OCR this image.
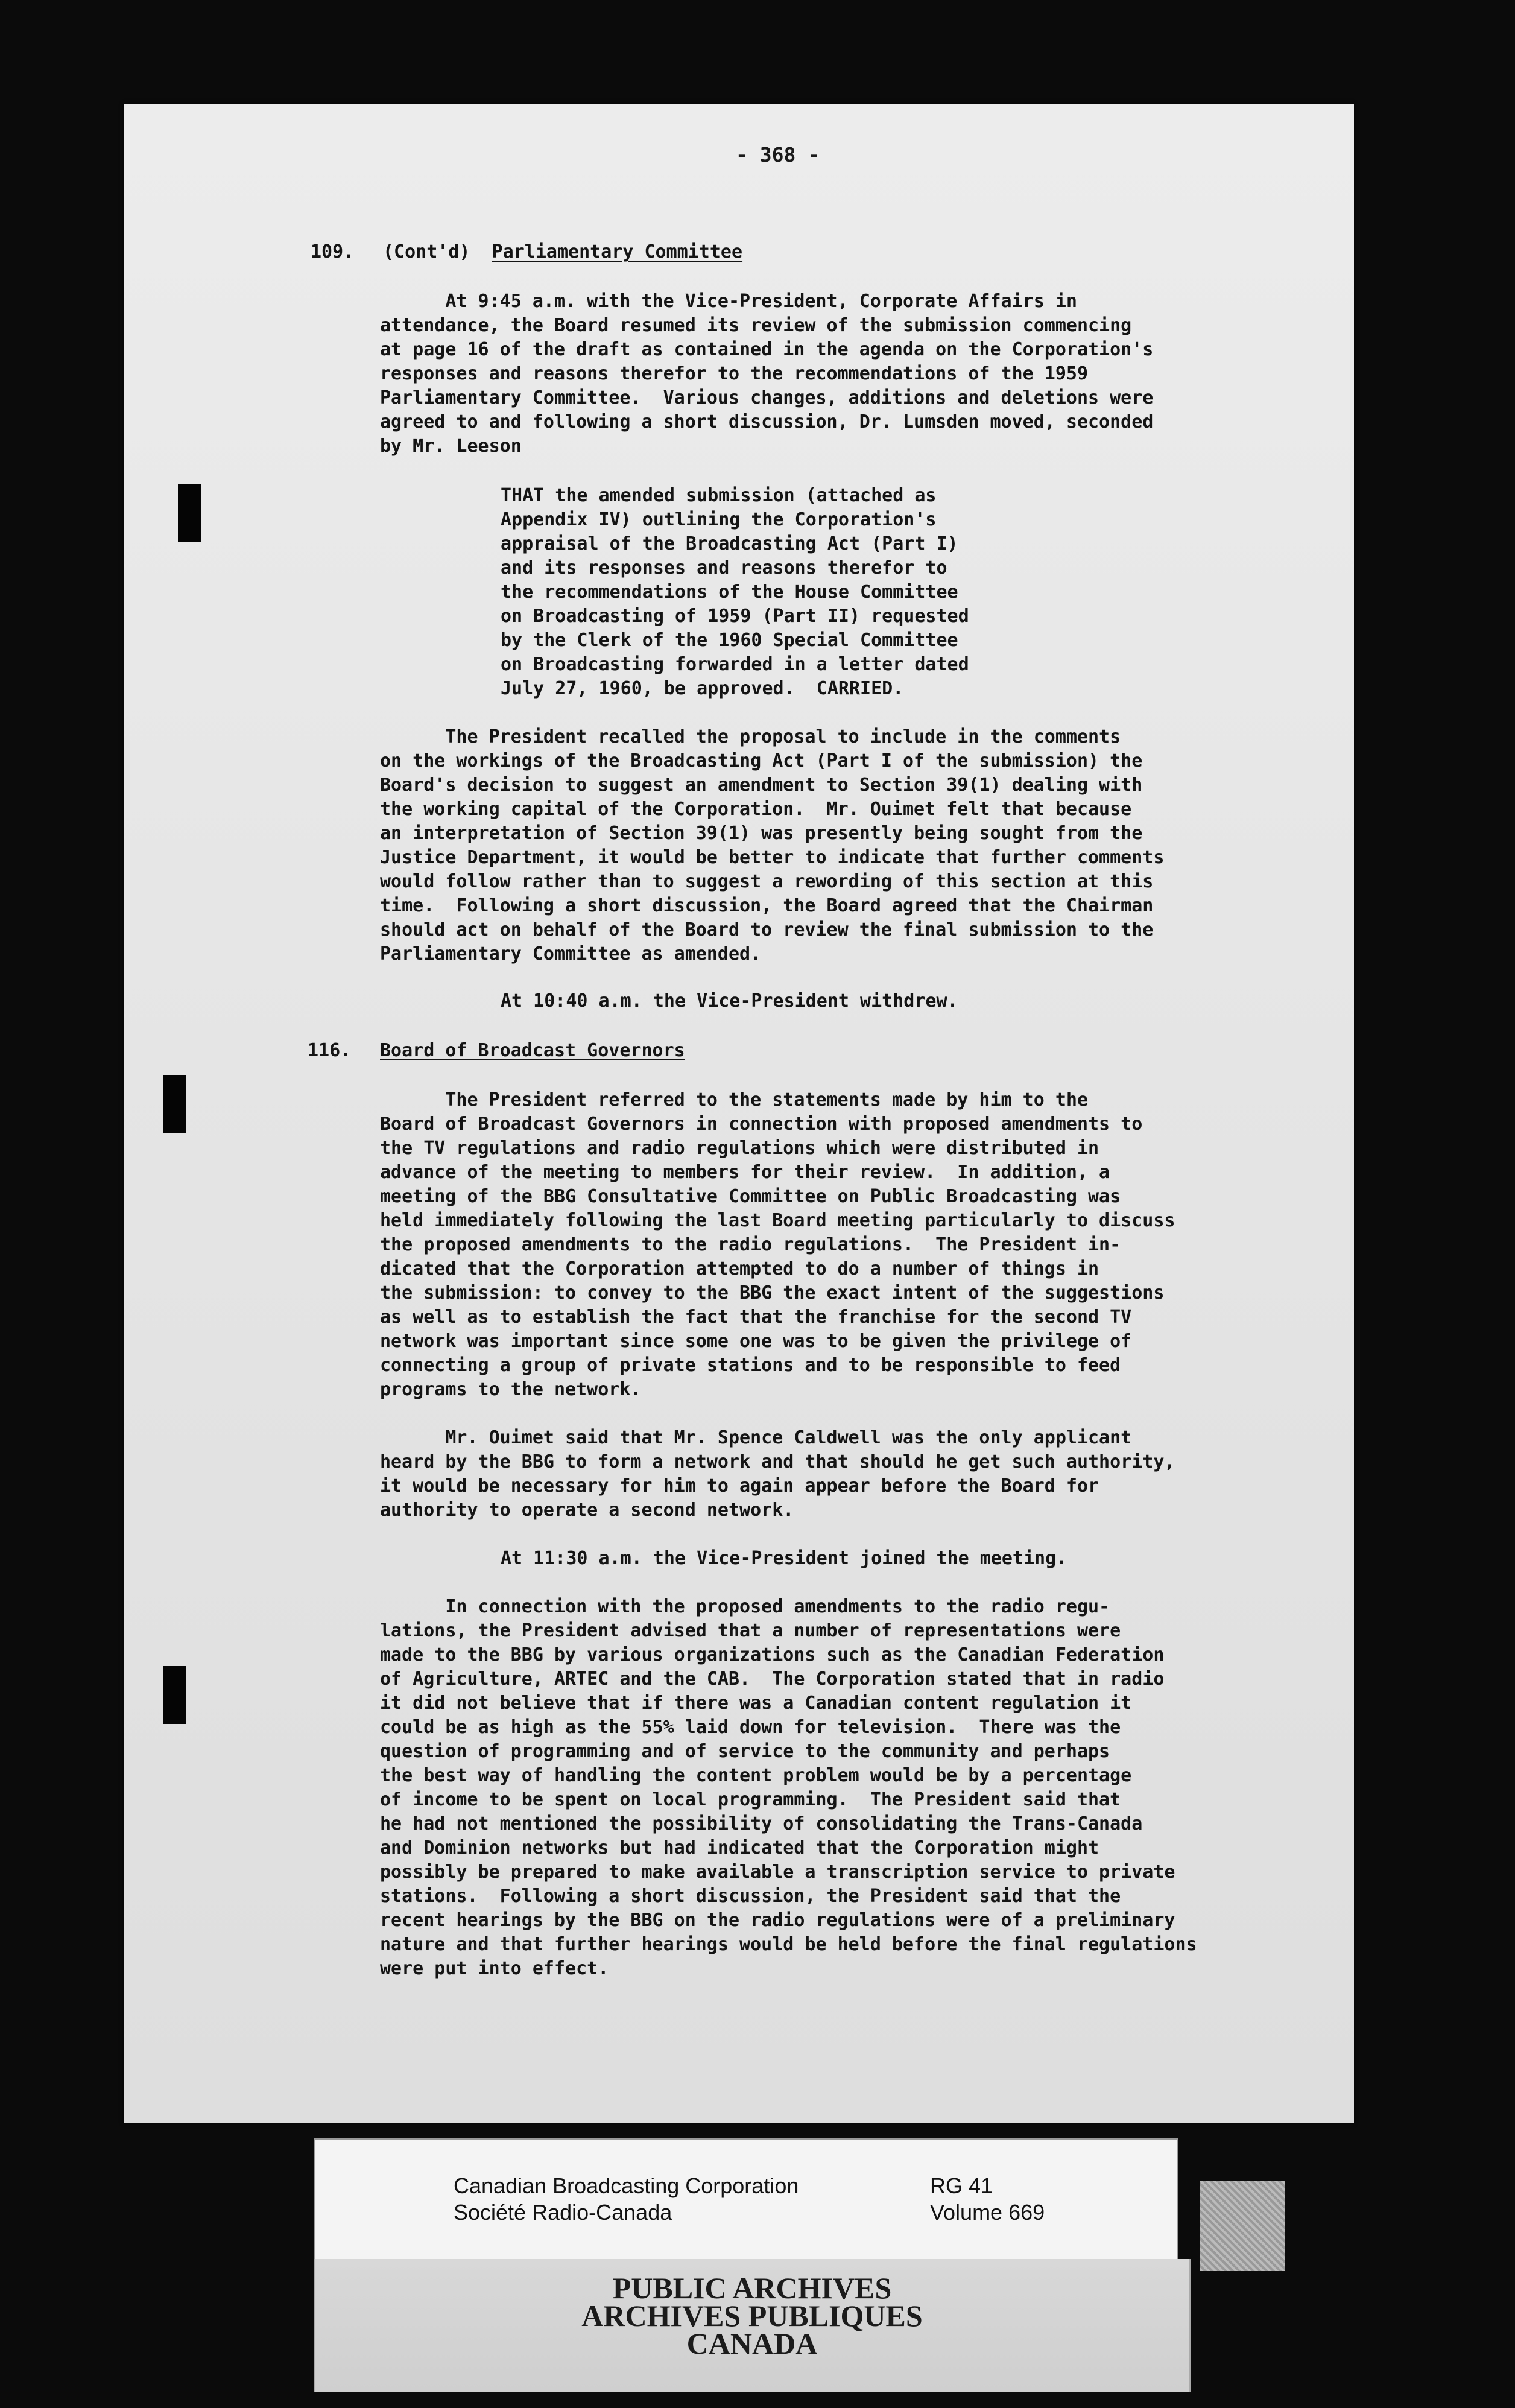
- 368 -
109. (Cont'd) Parliamentary Committee
At 9:45 a.m. with the Vice-President, Corporate Affairs in
attendance, the Board resumed its review of the submission commencing
at page 16 of the draft as contained in the agenda on the Corporation's
responses and reasons therefor to the recommendations of the 1959
Parliamentary Committee.  Various changes, additions and deletions were
agreed to and following a short discussion, Dr. Lumsden moved, seconded
by Mr. Leeson
THAT the amended submission (attached as
Appendix IV) outlining the Corporation's
appraisal of the Broadcasting Act (Part I)
and its responses and reasons therefor to
the recommendations of the House Committee
on Broadcasting of 1959 (Part II) requested
by the Clerk of the 1960 Special Committee
on Broadcasting forwarded in a letter dated
July 27, 1960, be approved.  CARRIED.
The President recalled the proposal to include in the comments
on the workings of the Broadcasting Act (Part I of the submission) the
Board's decision to suggest an amendment to Section 39(1) dealing with
the working capital of the Corporation.  Mr. Ouimet felt that because
an interpretation of Section 39(1) was presently being sought from the
Justice Department, it would be better to indicate that further comments
would follow rather than to suggest a rewording of this section at this
time.  Following a short discussion, the Board agreed that the Chairman
should act on behalf of the Board to review the final submission to the
Parliamentary Committee as amended.
At 10:40 a.m. the Vice-President withdrew.
116. Board of Broadcast Governors
The President referred to the statements made by him to the
Board of Broadcast Governors in connection with proposed amendments to
the TV regulations and radio regulations which were distributed in
advance of the meeting to members for their review.  In addition, a
meeting of the BBG Consultative Committee on Public Broadcasting was
held immediately following the last Board meeting particularly to discuss
the proposed amendments to the radio regulations.  The President in-
dicated that the Corporation attempted to do a number of things in
the submission: to convey to the BBG the exact intent of the suggestions
as well as to establish the fact that the franchise for the second TV
network was important since some one was to be given the privilege of
connecting a group of private stations and to be responsible to feed
programs to the network.
Mr. Ouimet said that Mr. Spence Caldwell was the only applicant
heard by the BBG to form a network and that should he get such authority,
it would be necessary for him to again appear before the Board for
authority to operate a second network.
At 11:30 a.m. the Vice-President joined the meeting.
In connection with the proposed amendments to the radio regu-
lations, the President advised that a number of representations were
made to the BBG by various organizations such as the Canadian Federation
of Agriculture, ARTEC and the CAB.  The Corporation stated that in radio
it did not believe that if there was a Canadian content regulation it
could be as high as the 55% laid down for television.  There was the
question of programming and of service to the community and perhaps
the best way of handling the content problem would be by a percentage
of income to be spent on local programming.  The President said that
he had not mentioned the possibility of consolidating the Trans-Canada
and Dominion networks but had indicated that the Corporation might
possibly be prepared to make available a transcription service to private
stations.  Following a short discussion, the President said that the
recent hearings by the BBG on the radio regulations were of a preliminary
nature and that further hearings would be held before the final regulations
were put into effect.
Canadian Broadcasting Corporation
Société Radio-Canada
RG 41
Volume 669
PUBLIC ARCHIVES
ARCHIVES PUBLIQUES
CANADA
